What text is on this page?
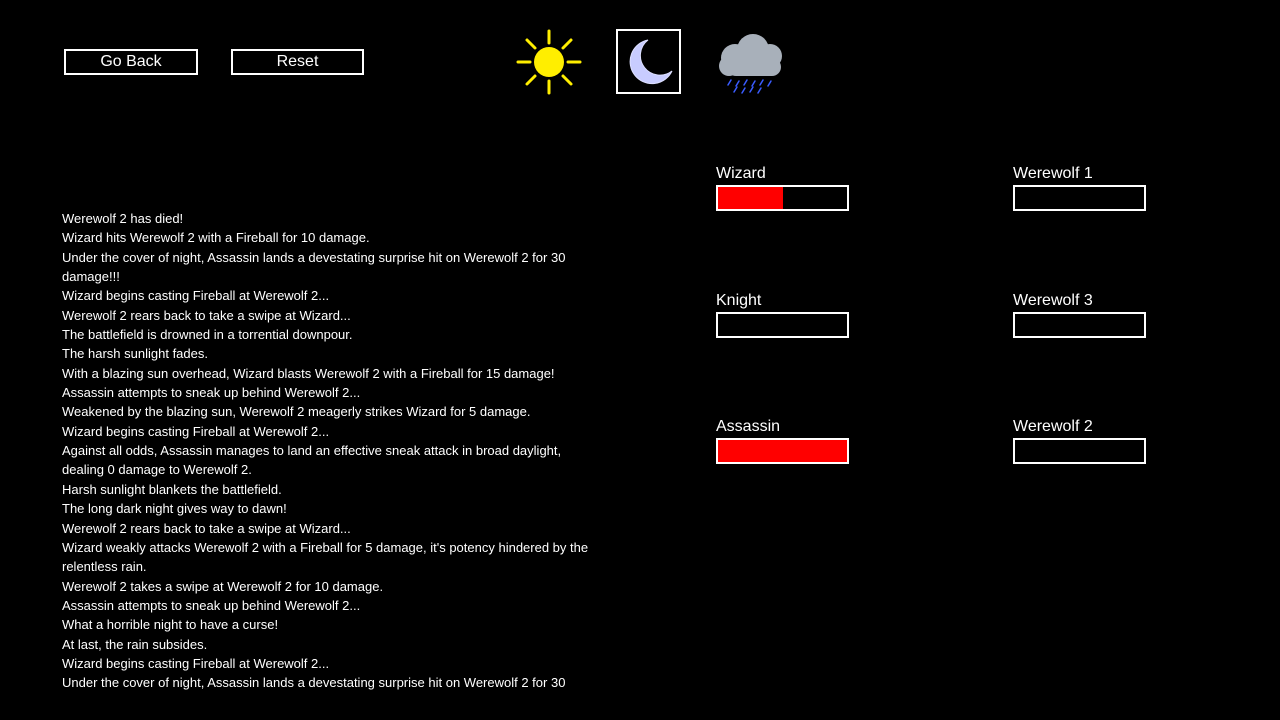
Go Back	Reset
Wizard
Knight
Assassin
Werewolf 1
Werewolf 3
Werewolf 2
Werewolf 2 has died!
Wizard hits Werewolf 2 with a Fireball for 10 damage.
Under the cover of night, Assassin lands a devestating surprise hit on Werewolf 2 for 30 damage!!!
Wizard begins casting Fireball at Werewolf 2...
Werewolf 2 rears back to take a swipe at Wizard...
The battlefield is drowned in a torrential downpour.
The harsh sunlight fades.
With a blazing sun overhead, Wizard blasts Werewolf 2 with a Fireball for 15 damage!
Assassin attempts to sneak up behind Werewolf 2...
Weakened by the blazing sun, Werewolf 2 meagerly strikes Wizard for 5 damage.
Wizard begins casting Fireball at Werewolf 2...
Against all odds, Assassin manages to land an effective sneak attack in broad daylight, dealing 0 damage to Werewolf 2.
Harsh sunlight blankets the battlefield.
The long dark night gives way to dawn!
Werewolf 2 rears back to take a swipe at Wizard...
Wizard weakly attacks Werewolf 2 with a Fireball for 5 damage, it's potency hindered by the relentless rain.
Werewolf 2 takes a swipe at Werewolf 2 for 10 damage.
Assassin attempts to sneak up behind Werewolf 2...
What a horrible night to have a curse!
At last, the rain subsides.
Wizard begins casting Fireball at Werewolf 2...
Under the cover of night, Assassin lands a devestating surprise hit on Werewolf 2 for 30
